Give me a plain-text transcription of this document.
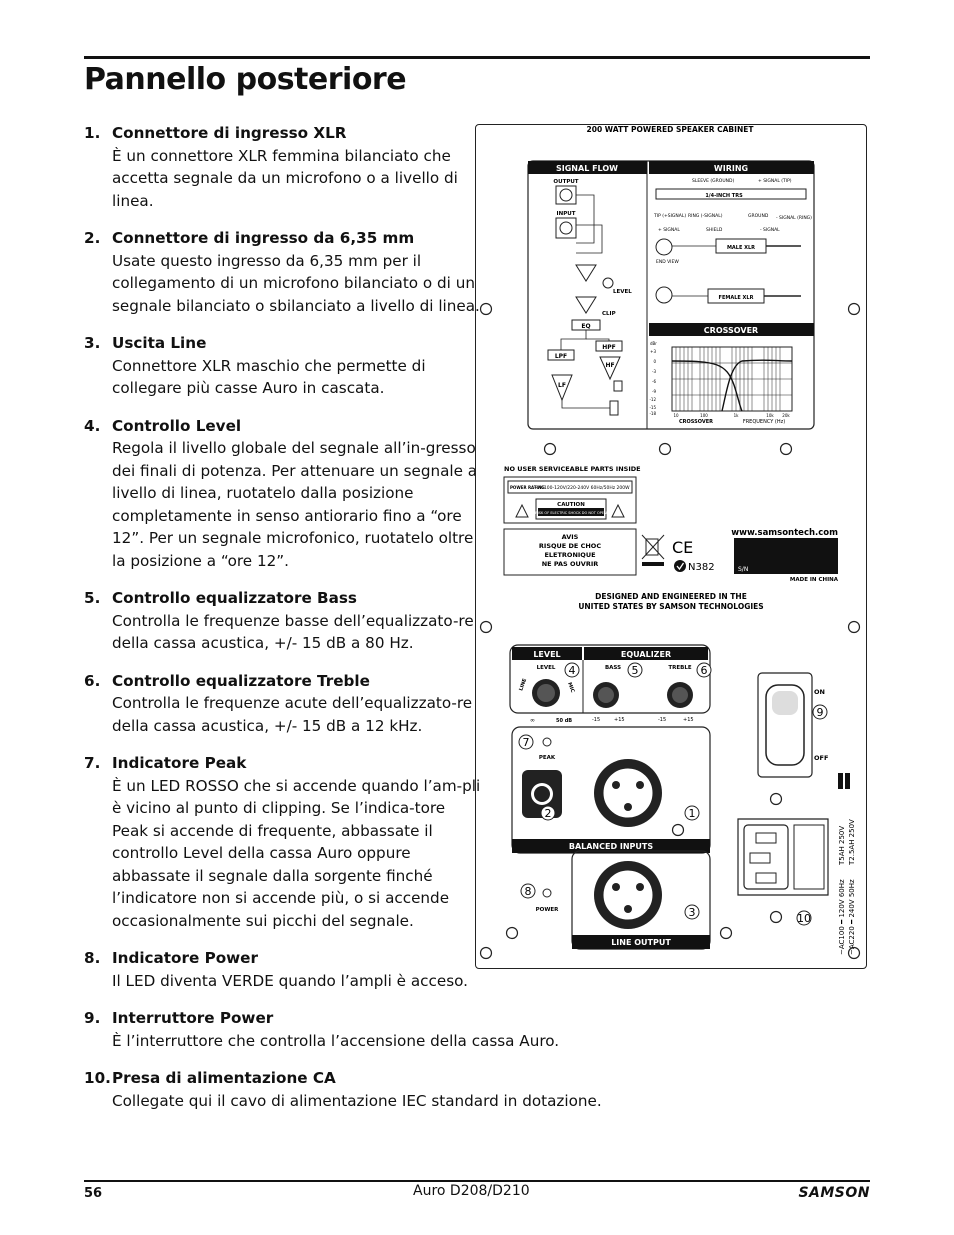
Pannello posteriore
1. Connettore di ingresso XLR
È un connettore XLR femmina bilanciato che accetta segnale da un microfono o a livello di linea.
2. Connettore di ingresso da 6,35 mm
Usate questo ingresso da 6,35 mm per il collegamento di un microfono bilanciato o di un segnale bilanciato o sbilanciato a livello di linea.
3. Uscita Line
Connettore XLR maschio che permette di collegare più casse Auro in cascata.
4. Controllo Level
Regola il livello globale del segnale all’in-gresso dei finali di potenza. Per attenuare un segnale a livello di linea, ruotatelo dalla posizione completamente in senso antiorario fino a “ore 12”. Per un segnale microfonico, ruotatelo oltre la posizione a “ore 12”.
5. Controllo equalizzatore Bass
Controlla le frequenze basse dell’equalizzato-re della cassa acustica, +/- 15 dB a 80 Hz.
6. Controllo equalizzatore Treble
Controlla le frequenze acute dell’equalizzato-re della cassa acustica, +/- 15 dB a 12 kHz.
7. Indicatore Peak
È un LED ROSSO che si accende quando l’am-pli è vicino al punto di clipping. Se l’indica-tore Peak si accende di frequente, abbassate il controllo Level della cassa Auro oppure abbassate il segnale dalla sorgente finché l’indicatore non si accende più, o si accende occasionalmente sui picchi del segnale.
8. Indicatore Power
Il LED diventa VERDE quando l’ampli è acceso.
9. Interruttore Power
È l’interruttore che controlla l’accensione della cassa Auro.
10. Presa di alimentazione CA
Collegate qui il cavo di alimentazione IEC standard in dotazione.
200 WATT POWERED SPEAKER CABINET
SIGNAL FLOW	WIRING
OUTPUT
INPUT
LEVEL
CLIP
EQ
LPF
HPF
LF
HF
SLEEVE (GROUND)	+ SIGNAL (TIP)
1/4-INCH TRS
TIP (+SIGNAL) RING (-SIGNAL)	GROUND - SIGNAL (RING)
END VIEW
SHIELD
+ SIGNAL	- SIGNAL
MALE XLR
FEMALE XLR
CROSSOVER
dBr
+3
0
-3
-6
-9
-12
-15
-18	10	100	1k	10k 20k
CROSSOVER	FREQUENCY (Hz)
NO USER SERVICEABLE PARTS INSIDE
POWER RATING
~AC100-120V/220-240V 60Hz/50Hz 200W
CAUTION
RISK OF ELECTRIC SHOCK DO NOT OPEN
AVIS
RISQUE DE CHOC
ELETRONIQUE
NE PAS OUVRIR
CE
N382
www.samsontech.com
S/N
MADE IN CHINA
DESIGNED AND ENGINEERED IN THE
UNITED STATES BY SAMSON TECHNOLOGIES
LEVEL	EQUALIZER
LEVEL
LINE	MIC
∞	50 dB
BASS
-15	+15
TREBLE
-15	+15
4	5	6
7
PEAK
2	1
BALANCED INPUTS
8
POWER	3
LINE OUTPUT
ON
9
OFF
10	~AC100 ━ 120V 60Hz
T5AH 250V
~AC220 ━ 240V 50Hz
T2.5AH 250V
56	Auro D208/D210	SAMSON
